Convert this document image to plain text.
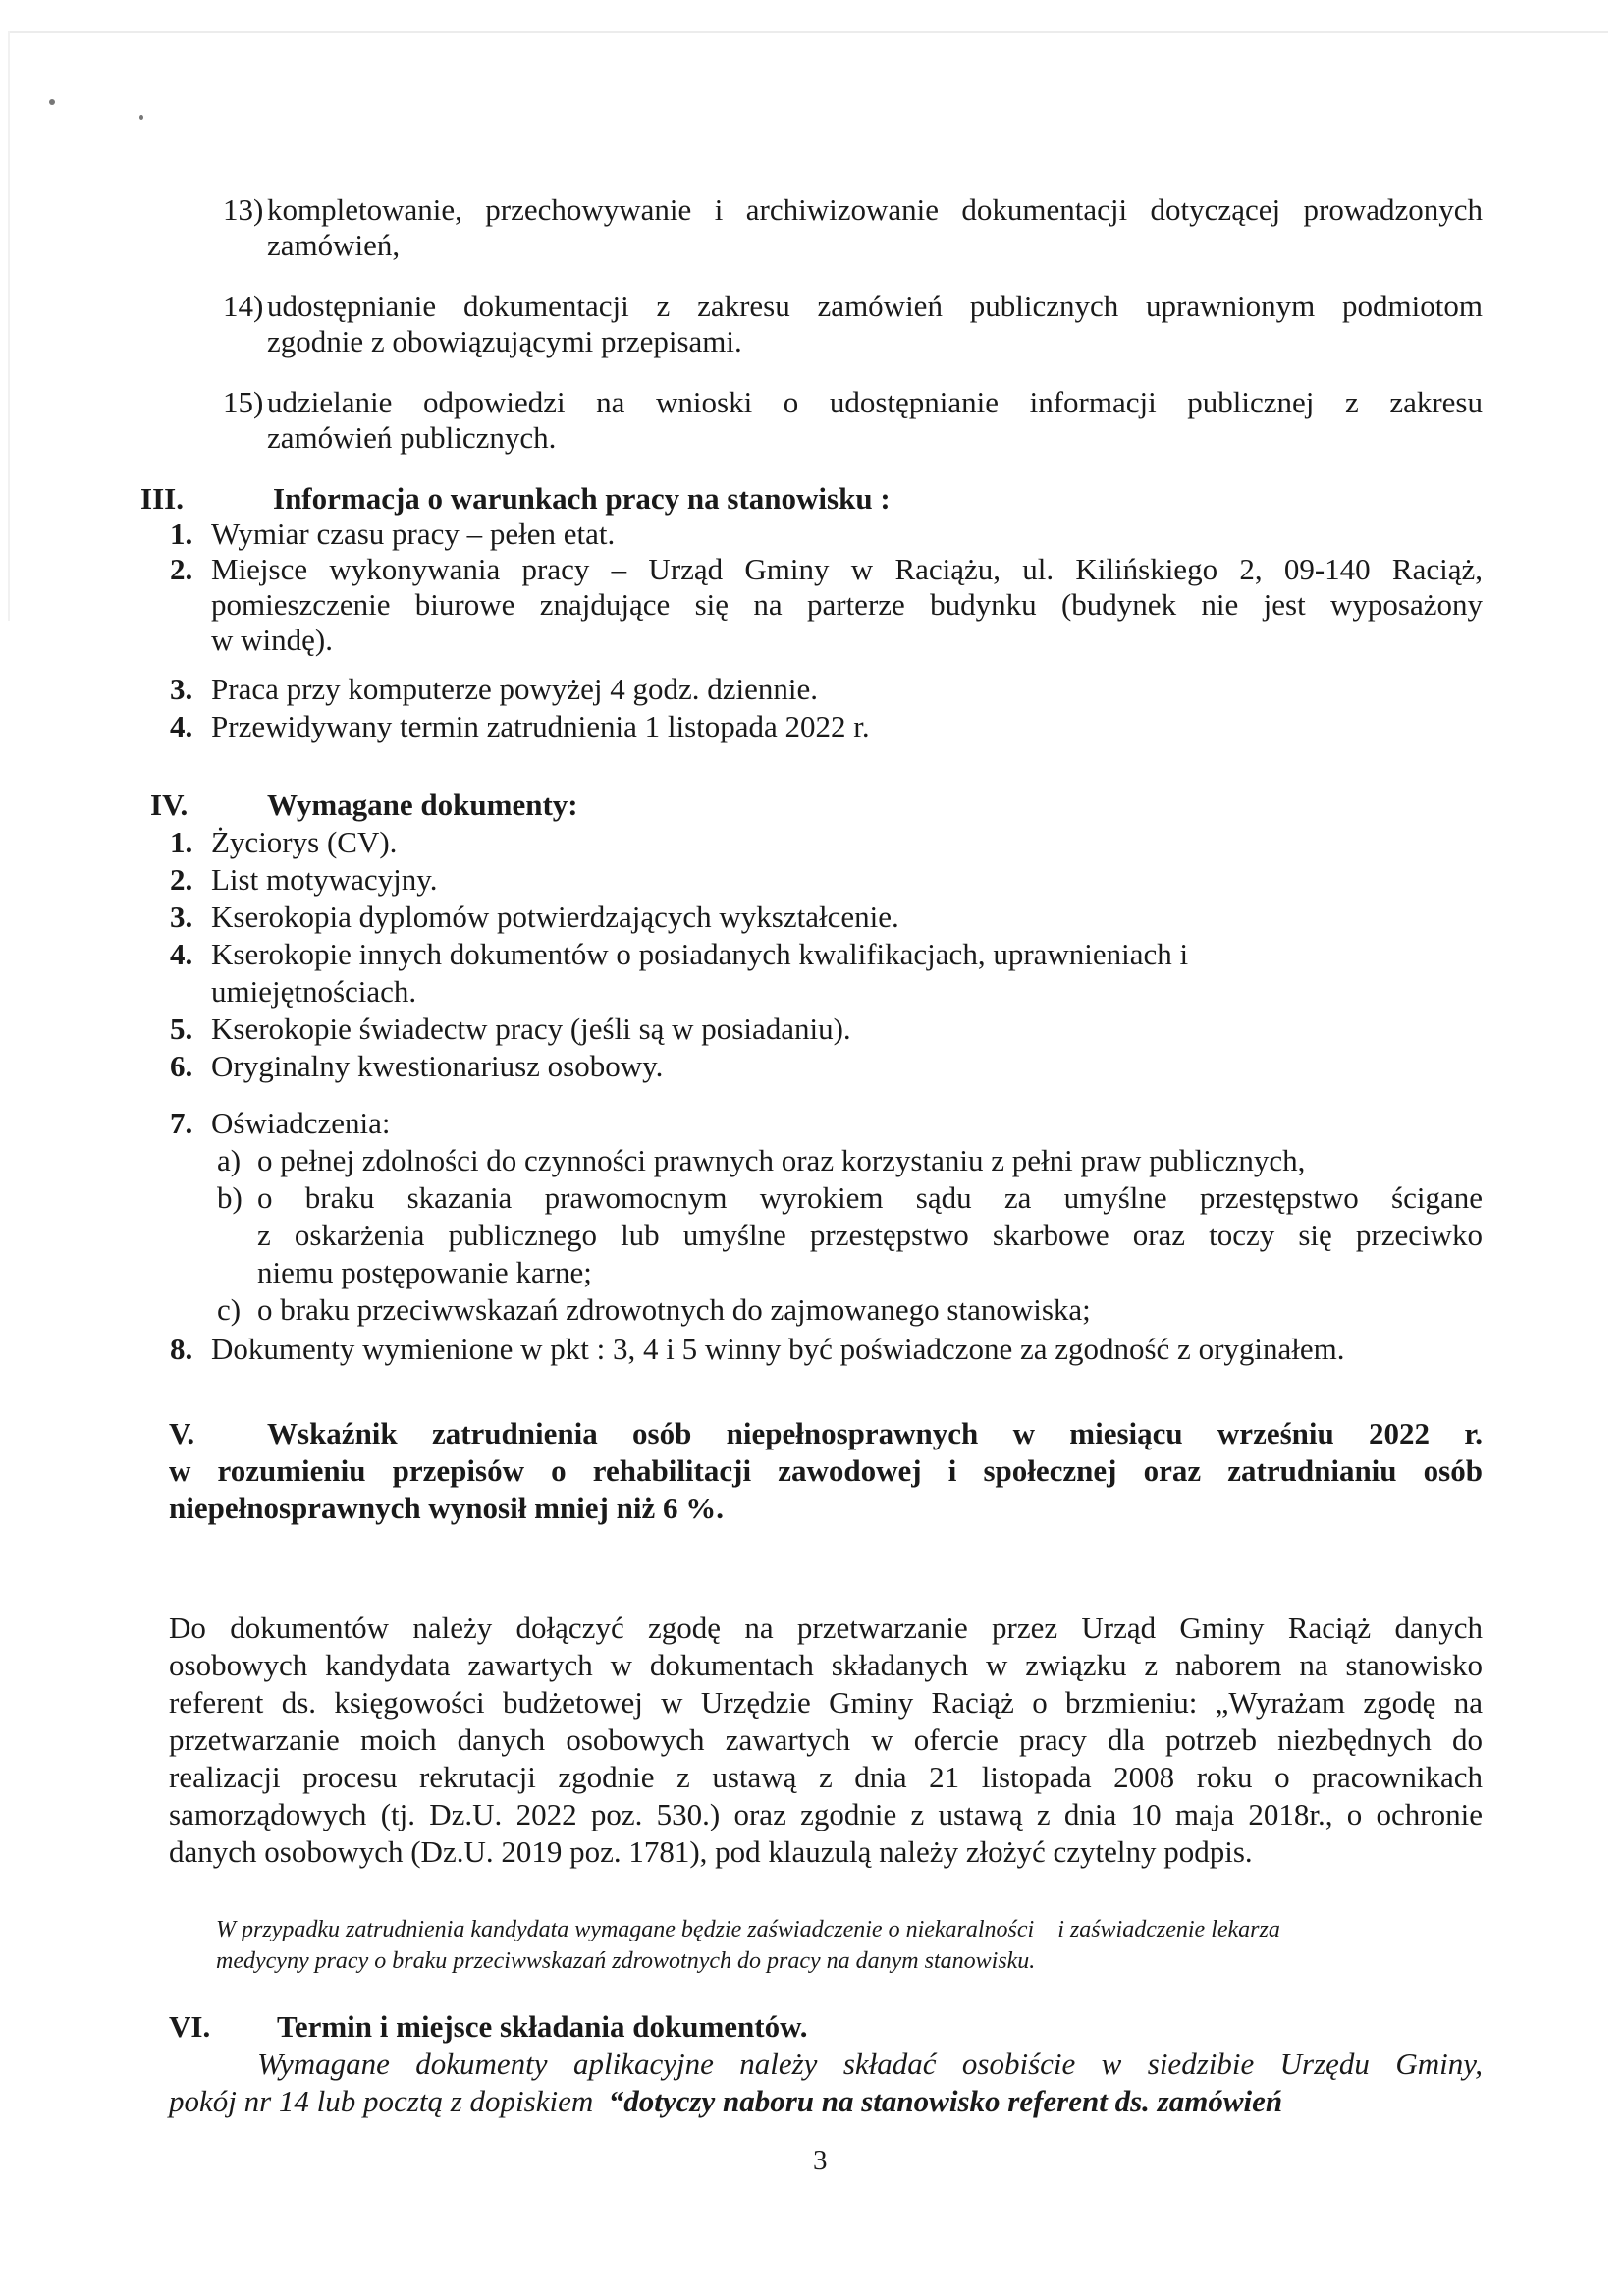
13) kompletowanie, przechowywanie i archiwizowanie dokumentacji dotyczącej prowadzonych
zamówień,
14) udostępnianie dokumentacji z zakresu zamówień publicznych uprawnionym podmiotom
zgodnie z obowiązującymi przepisami.
15) udzielanie odpowiedzi na wnioski o udostępnianie informacji publicznej z zakresu
zamówień publicznych.
III.	Informacja o warunkach pracy na stanowisku :
1. Wymiar czasu pracy – pełen etat.
2. Miejsce wykonywania pracy – Urząd Gminy w Raciążu, ul. Kilińskiego 2, 09-140 Raciąż,
pomieszczenie biurowe znajdujące się na parterze budynku (budynek nie jest wyposażony
w windę).
3. Praca przy komputerze powyżej 4 godz. dziennie.
4. Przewidywany termin zatrudnienia 1 listopada 2022 r.
IV.	Wymagane dokumenty:
1. Życiorys (CV).
2. List motywacyjny.
3. Kserokopia dyplomów potwierdzających wykształcenie.
4. Kserokopie innych dokumentów o posiadanych kwalifikacjach, uprawnieniach i
umiejętnościach.
5. Kserokopie świadectw pracy (jeśli są w posiadaniu).
6. Oryginalny kwestionariusz osobowy.
7. Oświadczenia:
a) o pełnej zdolności do czynności prawnych oraz korzystaniu z pełni praw publicznych,
b) o braku skazania prawomocnym wyrokiem sądu za umyślne przestępstwo ścigane
z oskarżenia publicznego lub umyślne przestępstwo skarbowe oraz toczy się przeciwko
niemu postępowanie karne;
c) o braku przeciwwskazań zdrowotnych do zajmowanego stanowiska;
8. Dokumenty wymienione w pkt : 3, 4 i 5 winny być poświadczone za zgodność z oryginałem.
V. Wskaźnik zatrudnienia osób niepełnosprawnych w miesiącu wrześniu 2022 r.
w rozumieniu przepisów o rehabilitacji zawodowej i społecznej oraz zatrudnianiu osób
niepełnosprawnych wynosił mniej niż 6 %.
Do dokumentów należy dołączyć zgodę na przetwarzanie przez Urząd Gminy Raciąż danych
osobowych kandydata zawartych w dokumentach składanych w związku z naborem na stanowisko
referent ds. księgowości budżetowej w Urzędzie Gminy Raciąż o brzmieniu: „Wyrażam zgodę na
przetwarzanie moich danych osobowych zawartych w ofercie pracy dla potrzeb niezbędnych do
realizacji procesu rekrutacji zgodnie z ustawą z dnia 21 listopada 2008 roku o pracownikach
samorządowych (tj. Dz.U. 2022 poz. 530.) oraz zgodnie z ustawą z dnia 10 maja 2018r., o ochronie
danych osobowych (Dz.U. 2019 poz. 1781), pod klauzulą należy złożyć czytelny podpis.
W przypadku zatrudnienia kandydata wymagane będzie zaświadczenie o niekaralności    i zaświadczenie lekarza
medycyny pracy o braku przeciwwskazań zdrowotnych do pracy na danym stanowisku.
VI. Termin i miejsce składania dokumentów.
Wymagane dokumenty aplikacyjne należy składać osobiście w siedzibie Urzędu Gminy,
pokój nr 14 lub pocztą z dopiskiem  “dotyczy naboru na stanowisko referent ds. zamówień
3
